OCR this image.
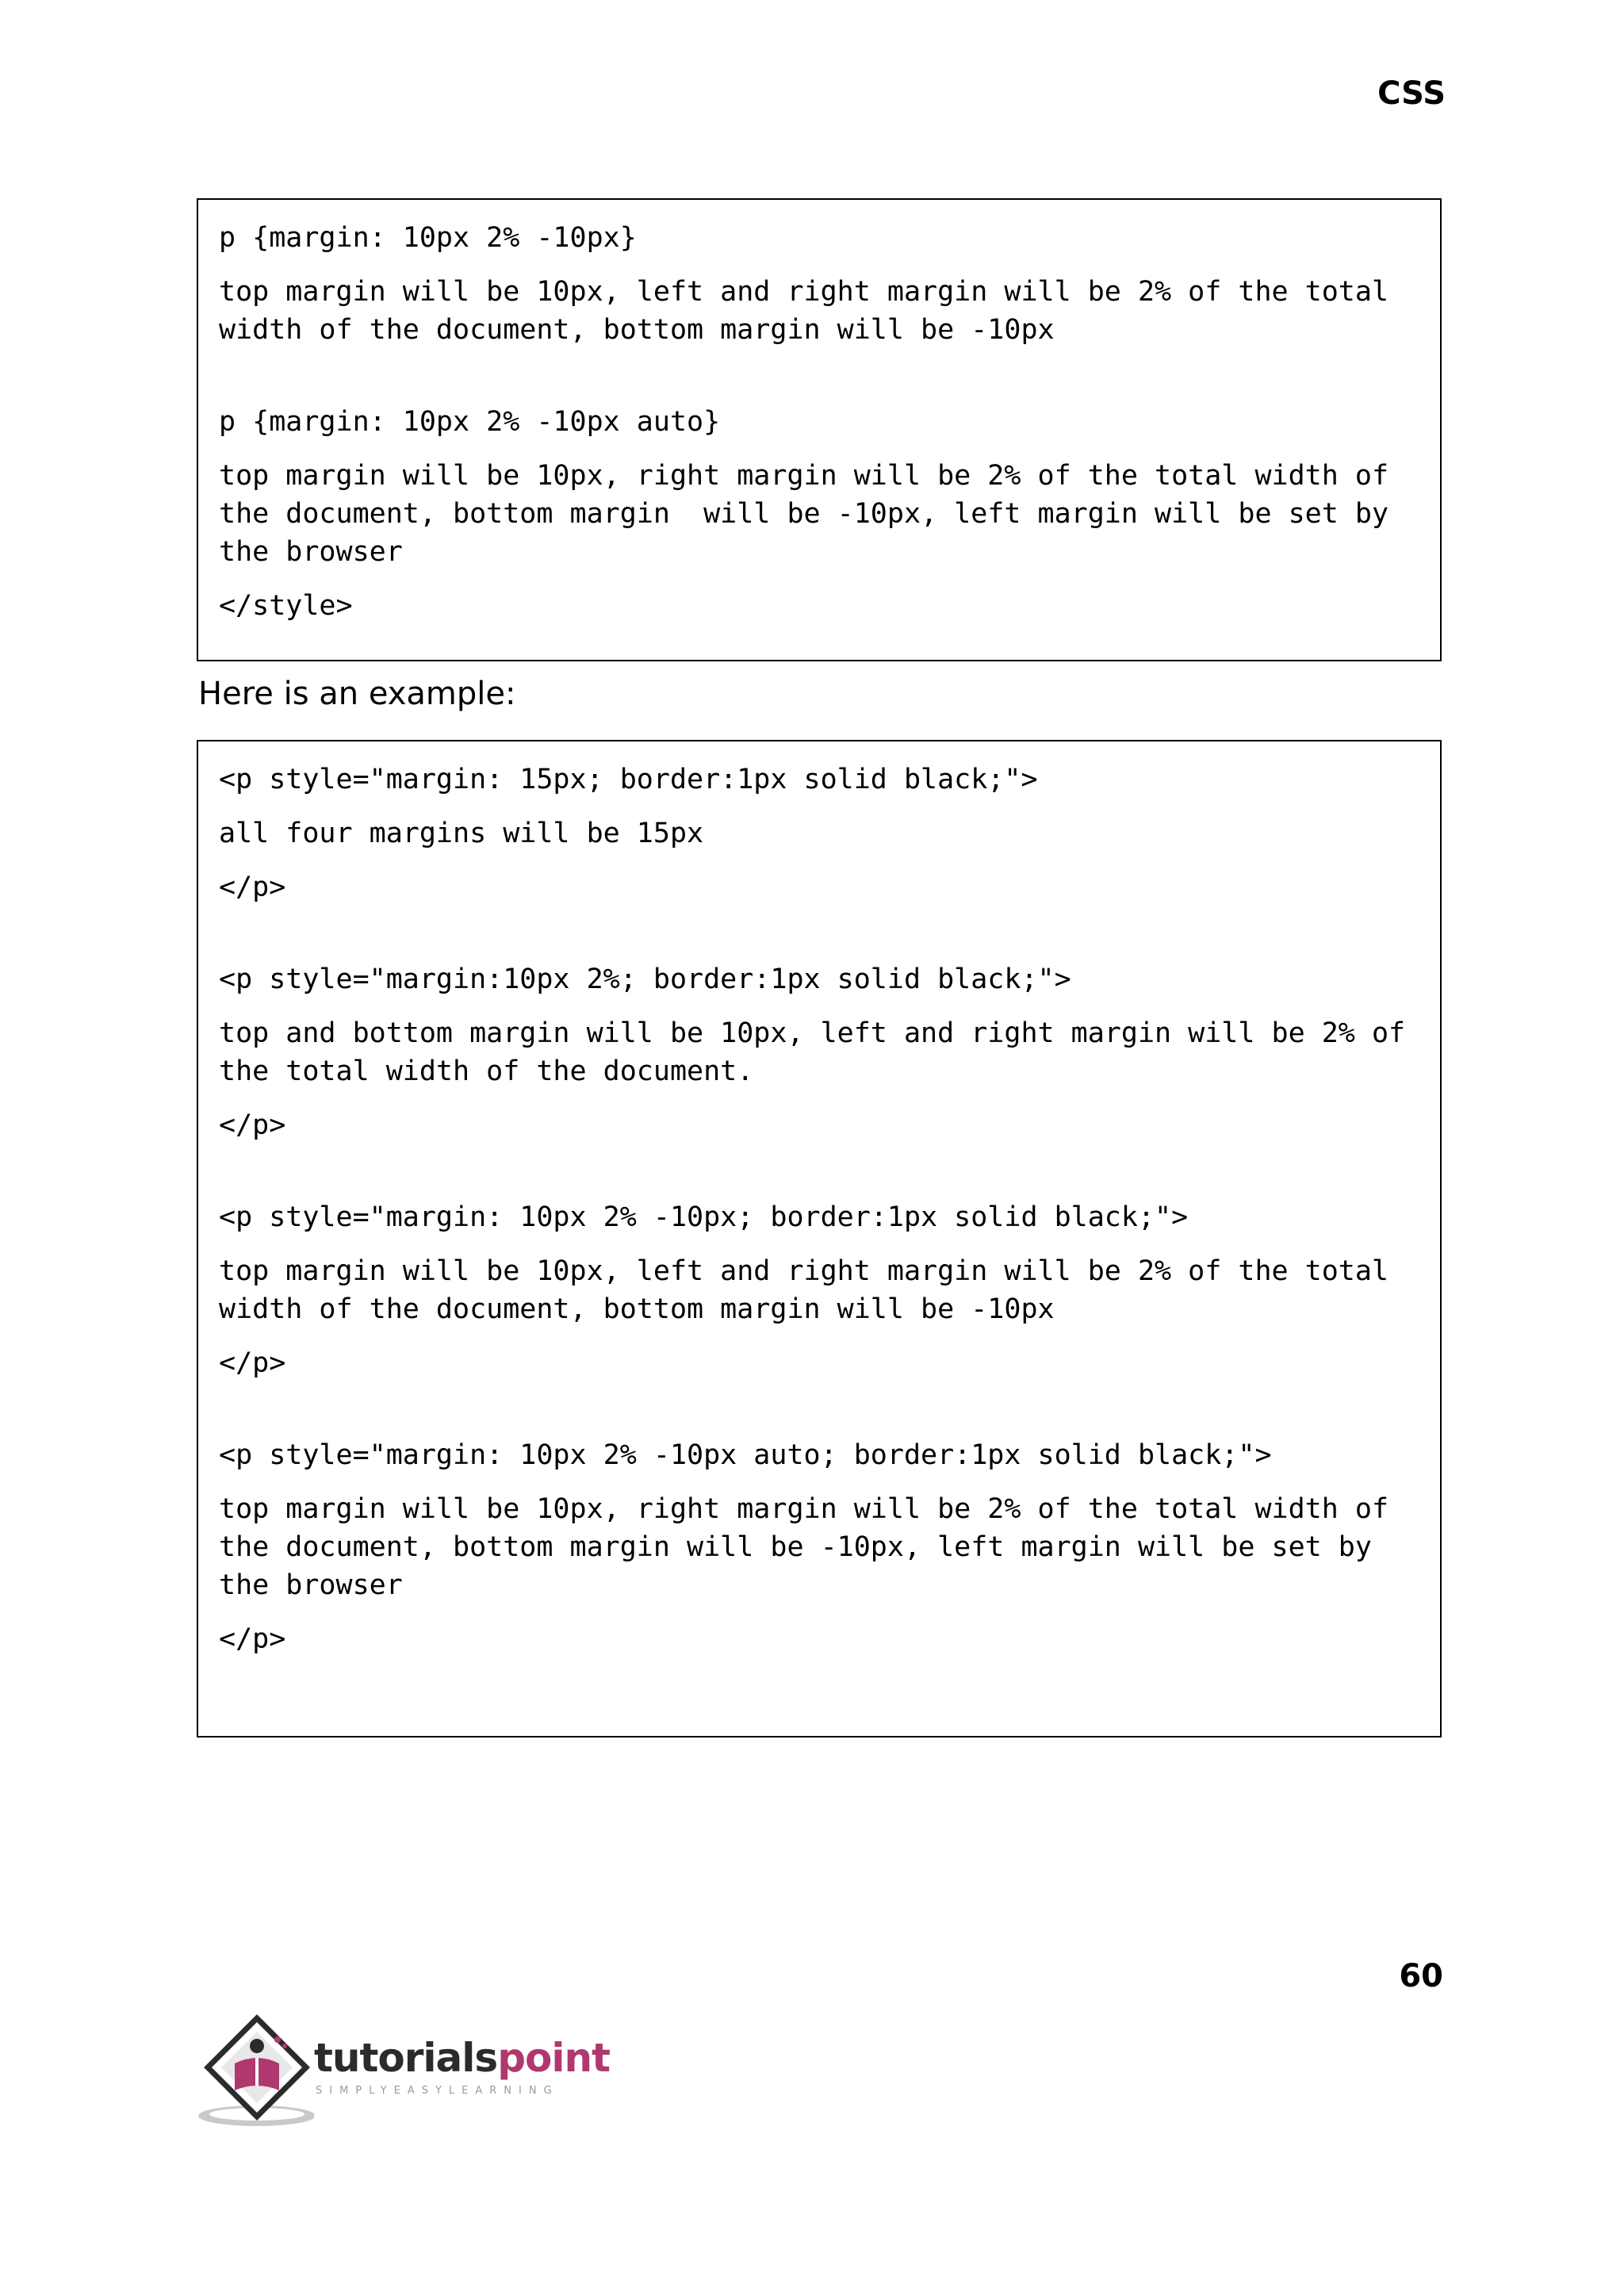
CSS
p {margin: 10px 2% -10px}
top margin will be 10px, left and right margin will be 2% of the total
width of the document, bottom margin will be -10px
p {margin: 10px 2% -10px auto}
top margin will be 10px, right margin will be 2% of the total width of
the document, bottom margin  will be -10px, left margin will be set by
the browser
</style>
Here is an example:
<p style="margin: 15px; border:1px solid black;">
all four margins will be 15px
</p>
<p style="margin:10px 2%; border:1px solid black;">
top and bottom margin will be 10px, left and right margin will be 2% of
the total width of the document.
</p>
<p style="margin: 10px 2% -10px; border:1px solid black;">
top margin will be 10px, left and right margin will be 2% of the total
width of the document, bottom margin will be -10px
</p>
<p style="margin: 10px 2% -10px auto; border:1px solid black;">
top margin will be 10px, right margin will be 2% of the total width of
the document, bottom margin will be -10px, left margin will be set by
the browser
</p>
60
tutorialspoint
SIMPLYEASYLEARNING
